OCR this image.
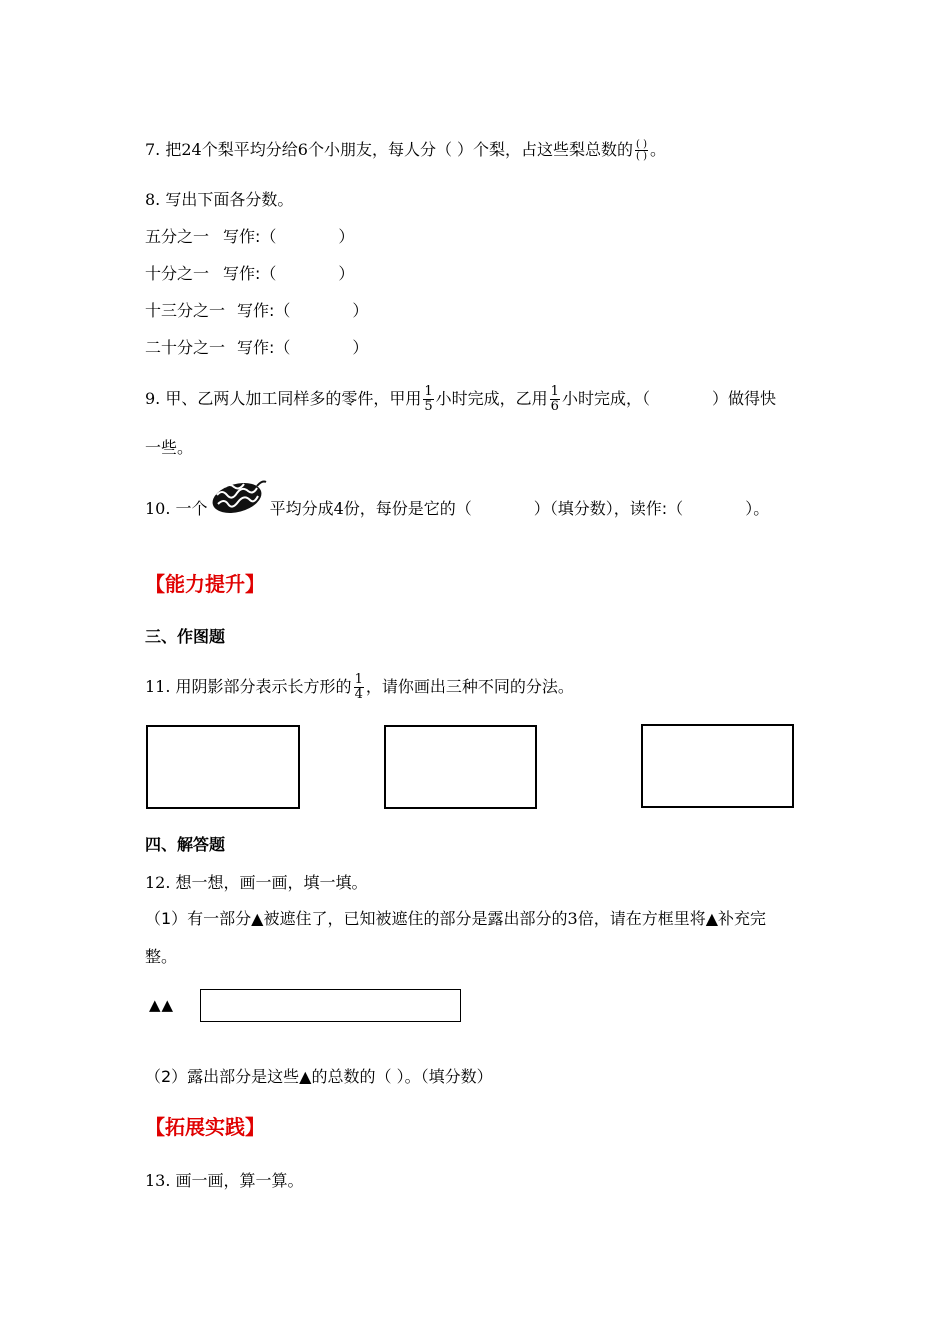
7. 把24个梨平均分给6个小朋友，每人分（ ）个梨，占这些梨总数的 $\frac{( )}{( )}$ 。
8. 写出下面各分数。
五分之一 写作:（	）
十分之一 写作:（	）
十三分之一 写作:（	）
二十分之一 写作:（	）
9. 甲、乙两人加工同样多的零件，甲用 $\frac{1}{5}$ 小时完成，乙用 $\frac{1}{6}$ 小时完成，（	）做得快
一些。
10. 一个	平均分成4份，每份是它的（	）（填分数），读作:（	）。
【能力提升】
三、作图题
11. 用阴影部分表示长方形的 $\frac{1}{4}$ ，请你画出三种不同的分法。
四、解答题
12. 想一想，画一画，填一填。
（1）有一部分▲被遮住了，已知被遮住的部分是露出部分的3倍，请在方框里将▲补充完
整。
▲▲
（2）露出部分是这些▲的总数的（ ）。（填分数）
【拓展实践】
13. 画一画，算一算。
